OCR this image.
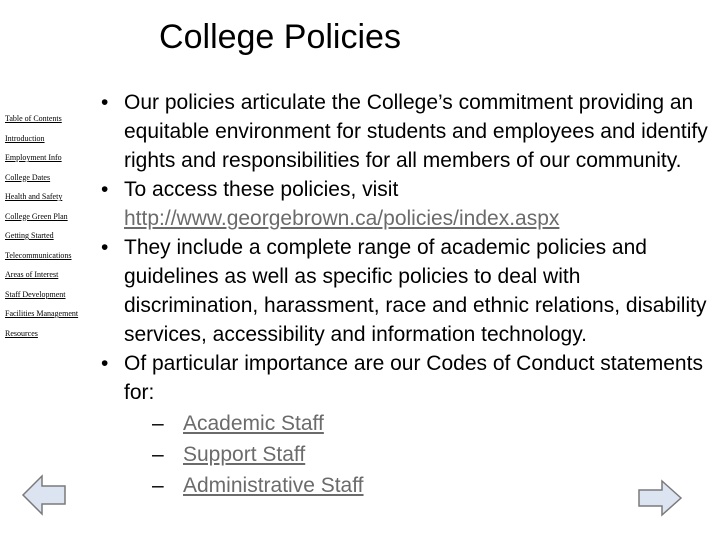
College Policies
Table of Contents
Introduction
Employment Info
College Dates
Health and Safety
College Green Plan
Getting Started
Telecommunications
Areas of Interest
Staff Development
Facilities Management
Resources
• Our policies articulate the College’s commitment providing an equitable environment for students and employees and identify rights and responsibilities for all members of our community.
• To access these policies, visit http://www.georgebrown.ca/policies/index.aspx
• They include a complete range of academic policies and guidelines as well as specific policies to deal with discrimination, harassment, race and ethnic relations, disability services, accessibility and information technology.
• Of particular importance are our Codes of Conduct statements for:
– Academic Staff
– Support Staff
– Administrative Staff
